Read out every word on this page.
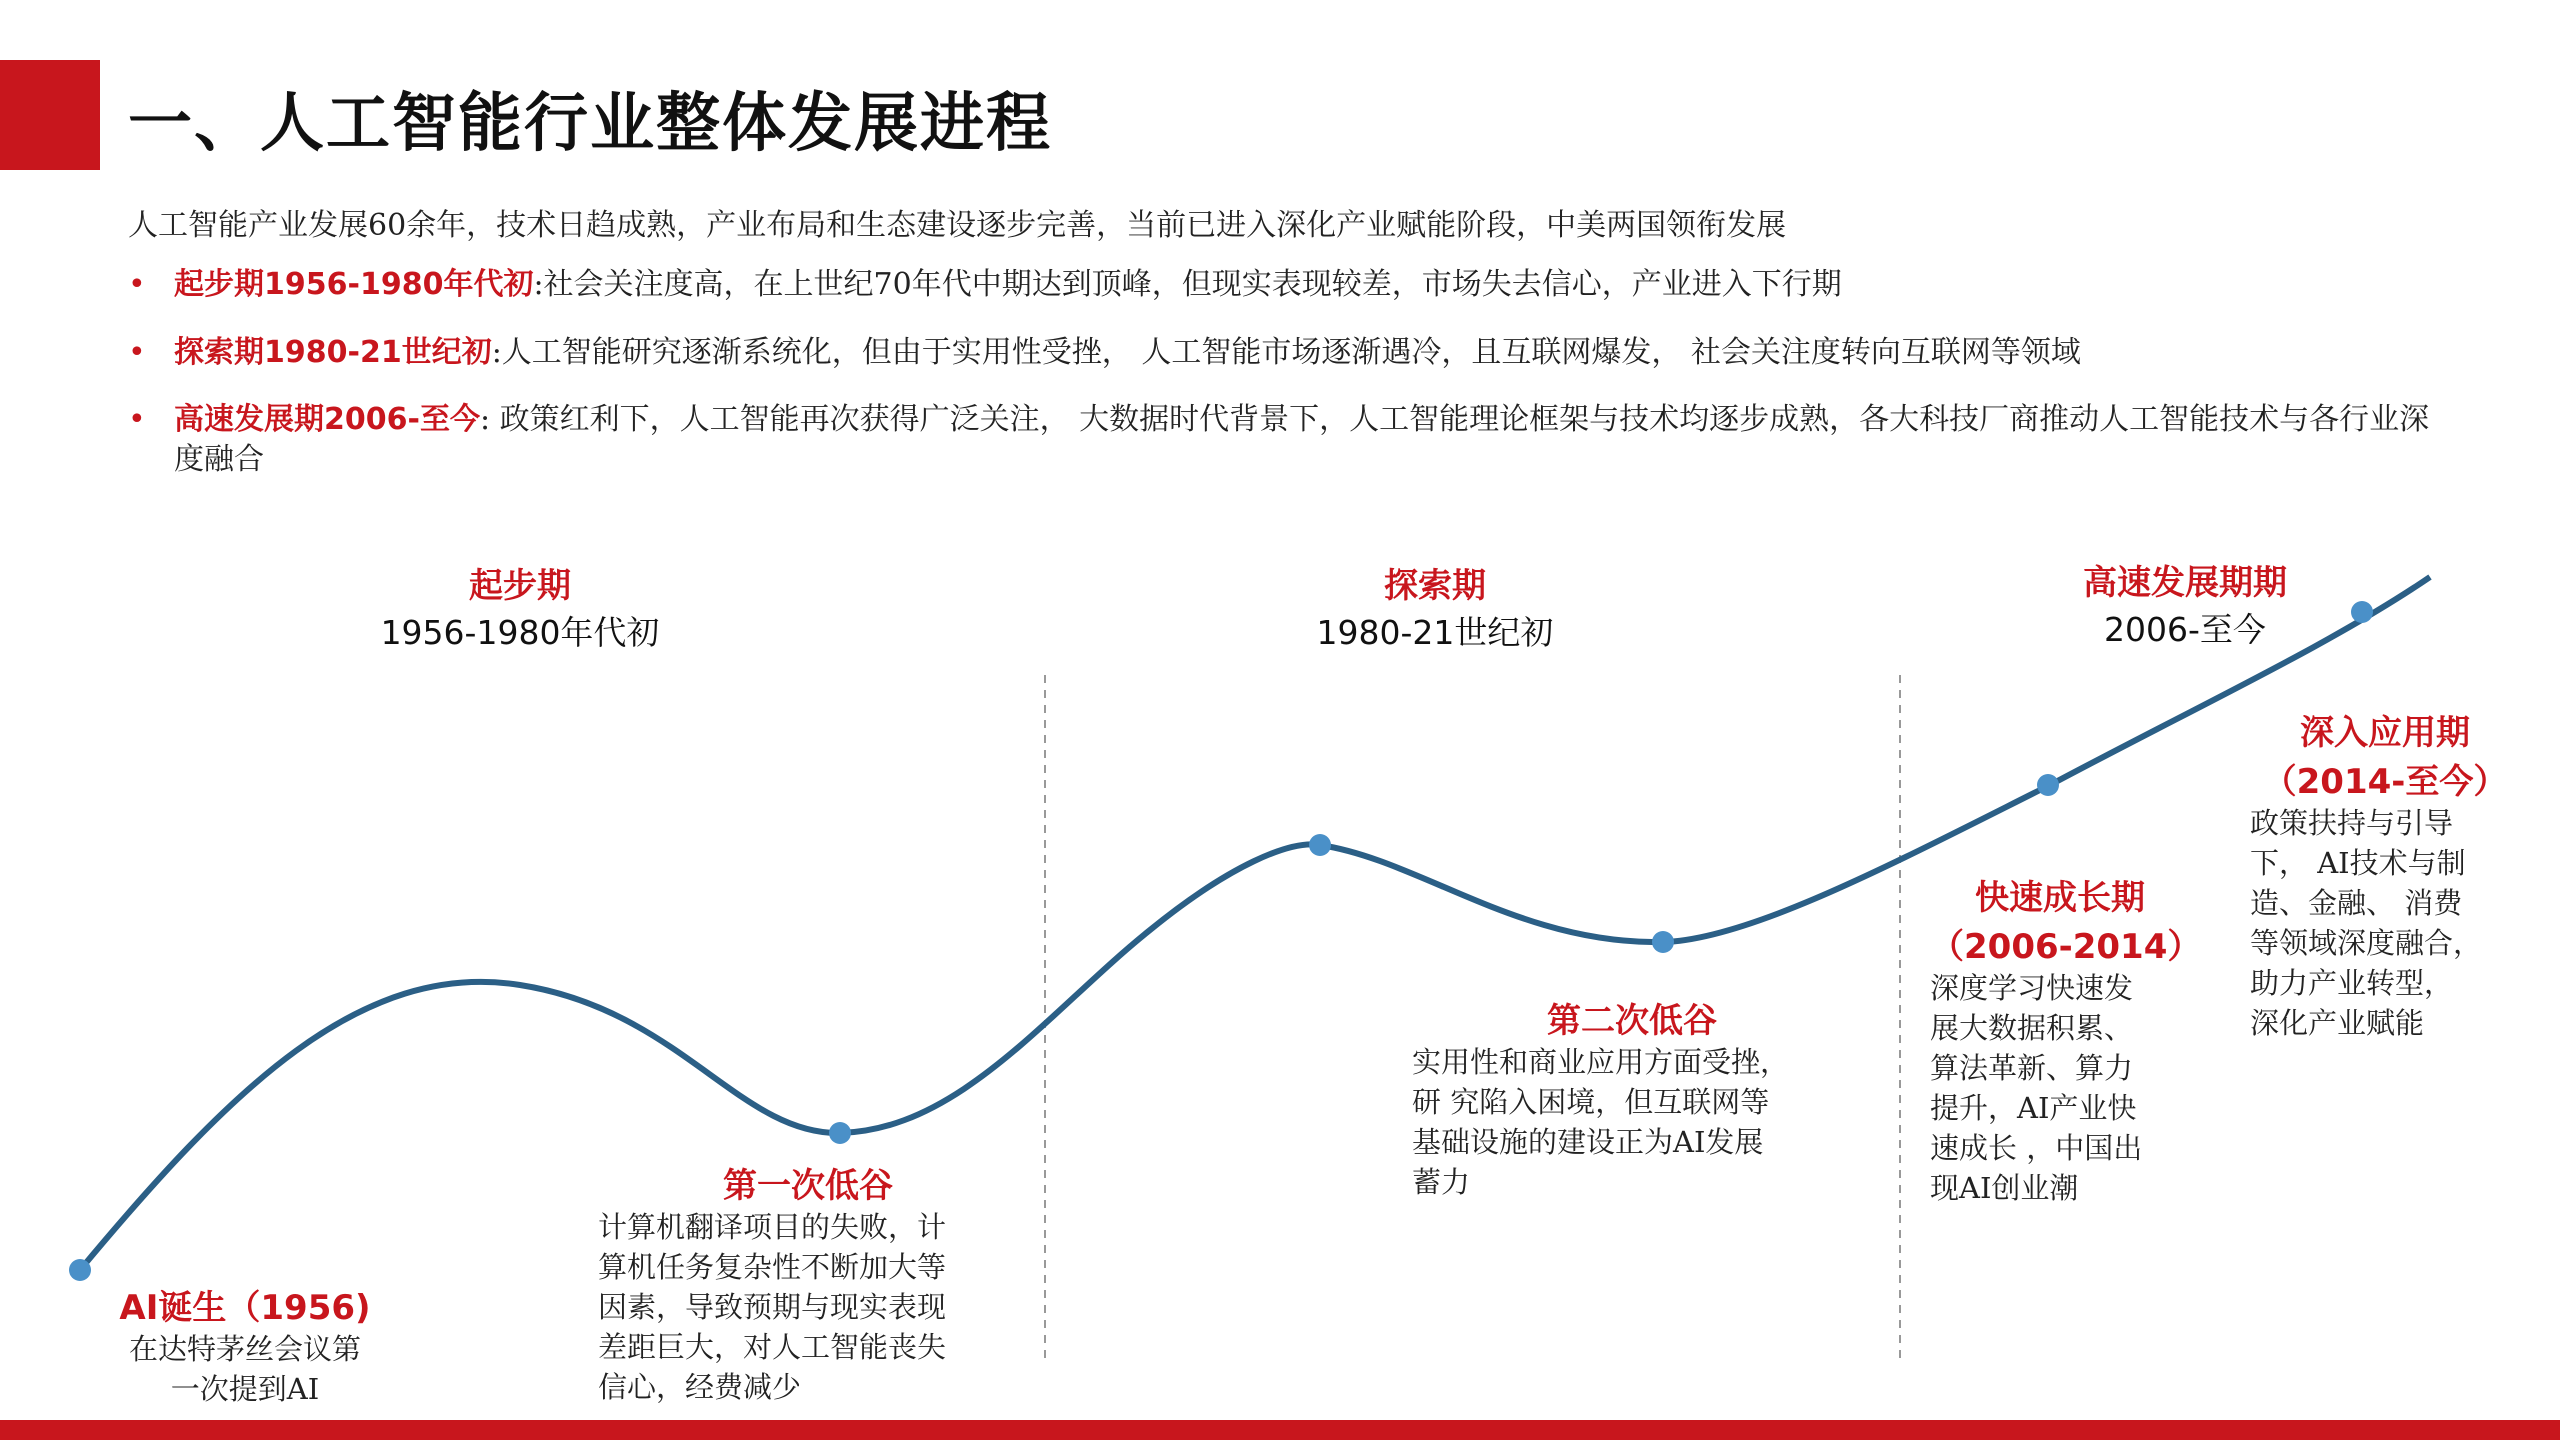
一、人工智能行业整体发展进程
人工智能产业发展60余年，技术日趋成熟，产业布局和生态建设逐步完善，当前已进入深化产业赋能阶段，中美两国领衔发展
• 起步期1956-1980年代初:社会关注度高，在上世纪70年代中期达到顶峰，但现实表现较差，市场失去信心，产业进入下行期
• 探索期1980-21世纪初:人工智能研究逐渐系统化，但由于实用性受挫， 人工智能市场逐渐遇冷，且互联网爆发， 社会关注度转向互联网等领域
• 高速发展期2006-至今: 政策红利下，人工智能再次获得广泛关注， 大数据时代背景下，人工智能理论框架与技术均逐步成熟，各大科技厂商推动人工智能技术与各行业深度融合
起步期
1956-1980年代初
探索期
1980-21世纪初
高速发展期期
2006-至今
AI诞生（1956)
在达特茅丝会议第
一次提到AI
第一次低谷
计算机翻译项目的失败，计
算机任务复杂性不断加大等
因素，导致预期与现实表现
差距巨大，对人工智能丧失
信心，经费减少
第二次低谷
实用性和商业应用方面受挫，
研 究陷入困境，但互联网等
基础设施的建设正为AI发展
蓄力
快速成长期
（2006-2014）
深度学习快速发
展大数据积累、
算法革新、算力
提升，AI产业快
速成长 ，中国出
现AI创业潮
深入应用期
（2014-至今）
政策扶持与引导
下， AI技术与制
造、金融、 消费
等领域深度融合，
助力产业转型，
深化产业赋能
